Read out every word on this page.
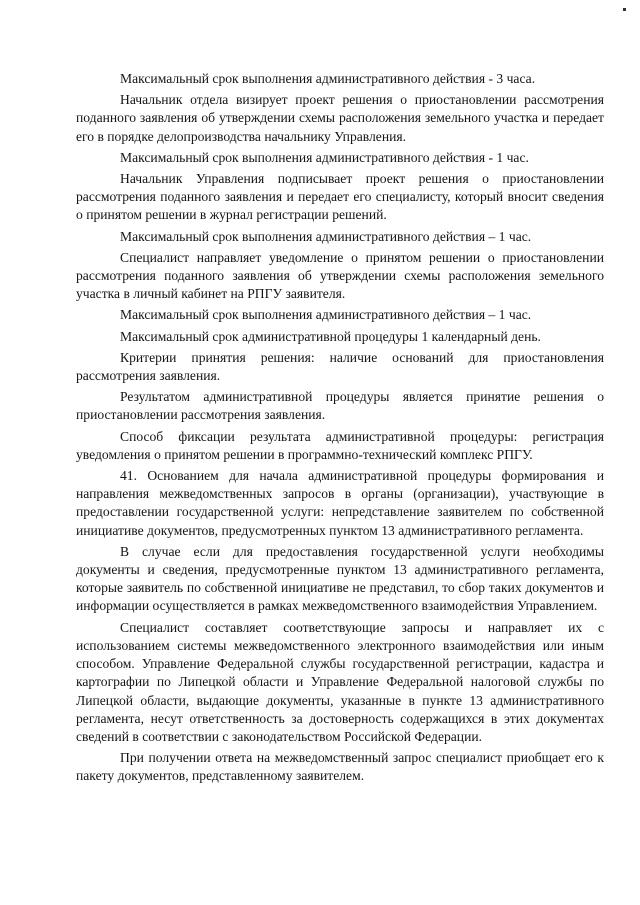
Максимальный срок выполнения административного действия - 3 часа.

Начальник отдела визирует проект решения о приостановлении рассмотрения поданного заявления об утверждении схемы расположения земельного участка и передает его в порядке делопроизводства начальнику Управления.

Максимальный срок выполнения административного действия - 1 час.

Начальник Управления подписывает проект решения о приостановлении рассмотрения поданного заявления и передает его специалисту, который вносит сведения о принятом решении в журнал регистрации решений.

Максимальный срок выполнения административного действия – 1 час.

Специалист направляет уведомление о принятом решении о приостановлении рассмотрения поданного заявления об утверждении схемы расположения земельного участка в личный кабинет на РПГУ заявителя.

Максимальный срок выполнения административного действия – 1 час.

Максимальный срок административной процедуры 1 календарный день.

Критерии принятия решения: наличие оснований для приостановления рассмотрения заявления.

Результатом административной процедуры является принятие решения о приостановлении рассмотрения заявления.

Способ фиксации результата административной процедуры: регистрация уведомления о принятом решении в программно-технический комплекс РПГУ.

41. Основанием для начала административной процедуры формирования и направления межведомственных запросов в органы (организации), участвующие в предоставлении государственной услуги: непредставление заявителем по собственной инициативе документов, предусмотренных пунктом 13 административного регламента.

В случае если для предоставления государственной услуги необходимы документы и сведения, предусмотренные пунктом 13 административного регламента, которые заявитель по собственной инициативе не представил, то сбор таких документов и информации осуществляется в рамках межведомственного взаимодействия Управлением.

Специалист составляет соответствующие запросы и направляет их с использованием системы межведомственного электронного взаимодействия или иным способом. Управление Федеральной службы государственной регистрации, кадастра и картографии по Липецкой области и Управление Федеральной налоговой службы по Липецкой области, выдающие документы, указанные в пункте 13 административного регламента, несут ответственность за достоверность содержащихся в этих документах сведений в соответствии с законодательством Российской Федерации.

При получении ответа на межведомственный запрос специалист приобщает его к пакету документов, представленному заявителем.
